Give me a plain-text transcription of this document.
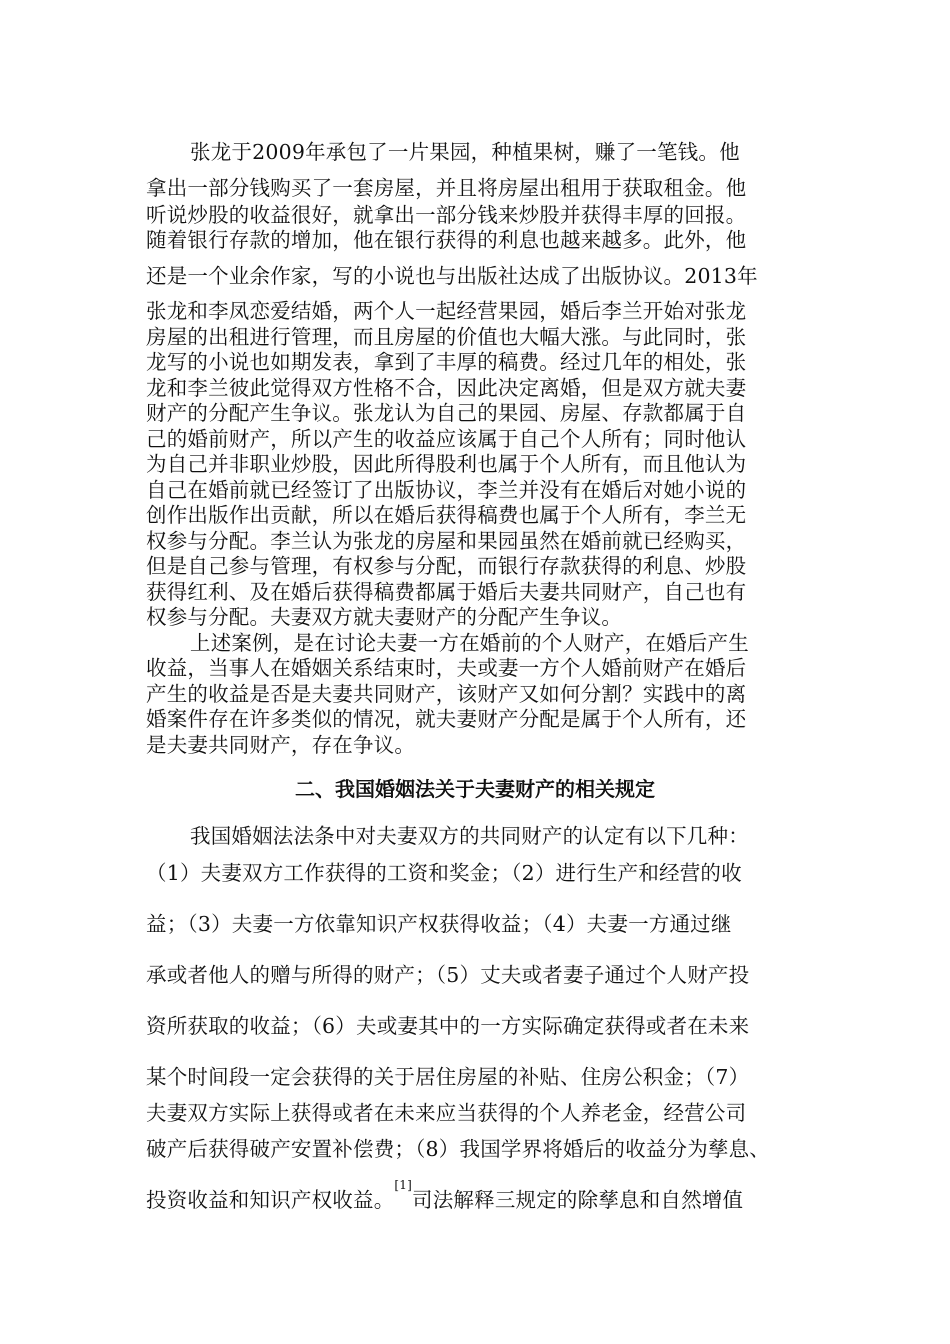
张龙于2009年承包了一片果园，种植果树，赚了一笔钱。他
拿出一部分钱购买了一套房屋，并且将房屋出租用于获取租金。他
听说炒股的收益很好，就拿出一部分钱来炒股并获得丰厚的回报。
随着银行存款的增加，他在银行获得的利息也越来越多。此外，他
还是一个业余作家，写的小说也与出版社达成了出版协议。2013年
张龙和李凤恋爱结婚，两个人一起经营果园，婚后李兰开始对张龙
房屋的出租进行管理，而且房屋的价值也大幅大涨。与此同时，张
龙写的小说也如期发表，拿到了丰厚的稿费。经过几年的相处，张
龙和李兰彼此觉得双方性格不合，因此决定离婚，但是双方就夫妻
财产的分配产生争议。张龙认为自己的果园、房屋、存款都属于自
己的婚前财产，所以产生的收益应该属于自己个人所有；同时他认
为自己并非职业炒股，因此所得股利也属于个人所有，而且他认为
自己在婚前就已经签订了出版协议，李兰并没有在婚后对她小说的
创作出版作出贡献，所以在婚后获得稿费也属于个人所有，李兰无
权参与分配。李兰认为张龙的房屋和果园虽然在婚前就已经购买，
但是自己参与管理，有权参与分配，而银行存款获得的利息、炒股
获得红利、及在婚后获得稿费都属于婚后夫妻共同财产，自己也有
权参与分配。夫妻双方就夫妻财产的分配产生争议。
上述案例，是在讨论夫妻一方在婚前的个人财产，在婚后产生
收益，当事人在婚姻关系结束时，夫或妻一方个人婚前财产在婚后
产生的收益是否是夫妻共同财产，该财产又如何分割？实践中的离
婚案件存在许多类似的情况，就夫妻财产分配是属于个人所有，还
是夫妻共同财产，存在争议。
二、我国婚姻法关于夫妻财产的相关规定
我国婚姻法法条中对夫妻双方的共同财产的认定有以下几种：
（1）夫妻双方工作获得的工资和奖金；（2）进行生产和经营的收
益；（3）夫妻一方依靠知识产权获得收益；（4）夫妻一方通过继
承或者他人的赠与所得的财产；（5）丈夫或者妻子通过个人财产投
资所获取的收益；（6）夫或妻其中的一方实际确定获得或者在未来
某个时间段一定会获得的关于居住房屋的补贴、住房公积金；（7）
夫妻双方实际上获得或者在未来应当获得的个人养老金，经营公司
破产后获得破产安置补偿费；（8）我国学界将婚后的收益分为孳息、
投资收益和知识产权收益。[1]司法解释三规定的除孳息和自然增值
